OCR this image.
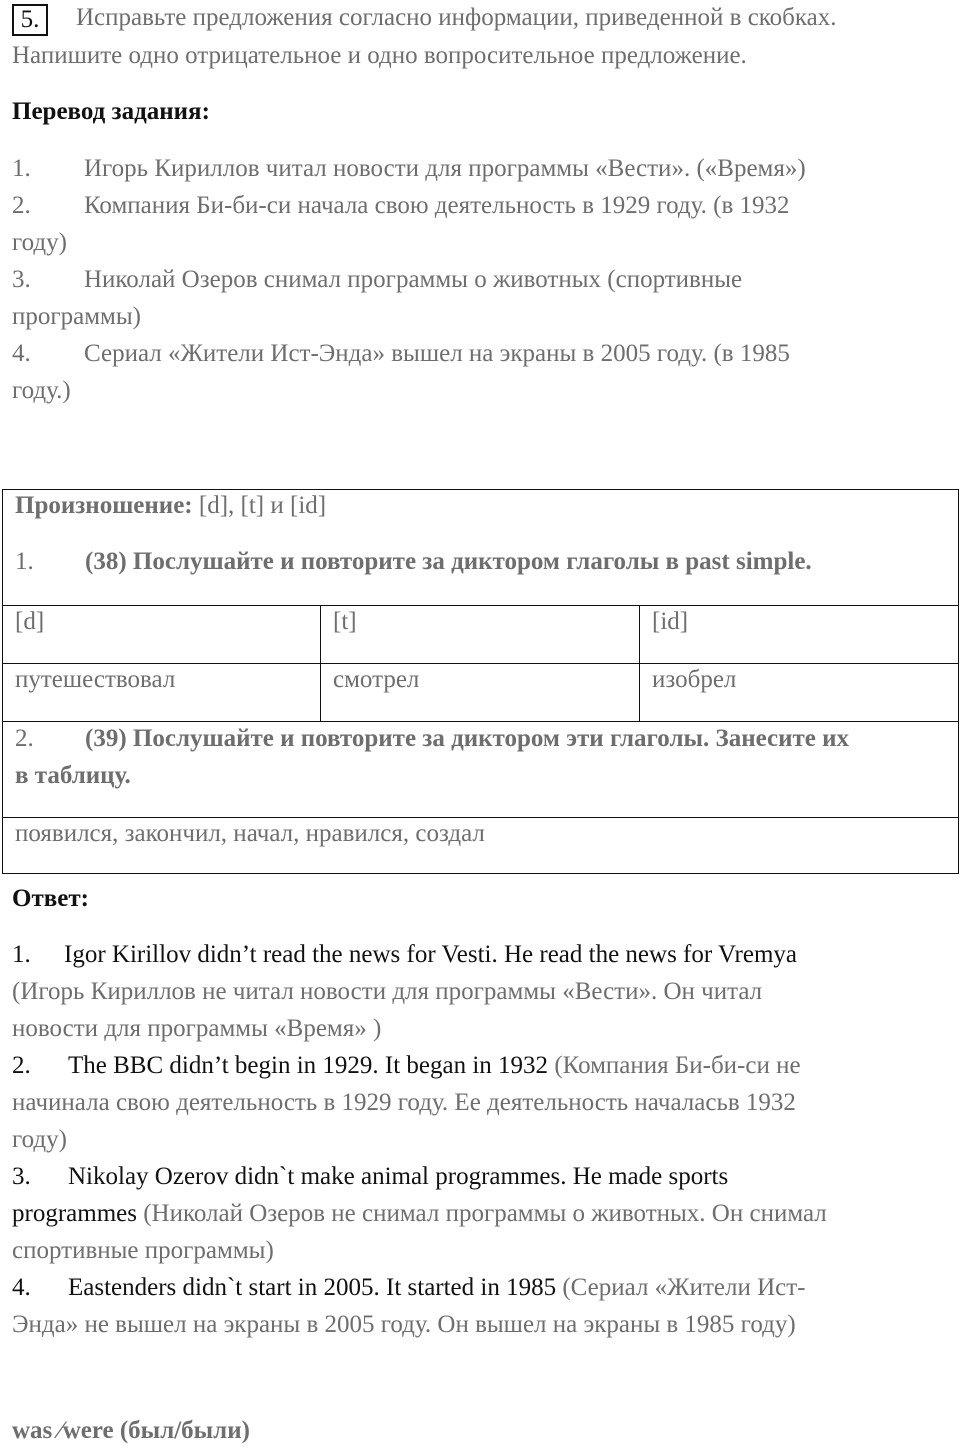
5.	Исправьте предложения согласно информации, приведенной в скобках.
Напишите одно отрицательное и одно вопросительное предложение.
Перевод задания:
1. Игорь Кириллов читал новости для программы «Вести». («Время»)
2. Компания Би-би-си начала свою деятельность в 1929 году. (в 1932
году)
3. Николай Озеров снимал программы о животных (спортивные
программы)
4. Сериал «Жители Ист-Энда» вышел на экраны в 2005 году. (в 1985
году.)
Произношение: [d], [t] и [id]
1. (38) Послушайте и повторите за диктором глаголы в past simple.		

[d]	[t]	[id]
путешествовал	смотрел	изобрел

2. (39) Послушайте и повторите за диктором эти глаголы. Занесите их
в таблицу.		

появился, закончил, начал, нравился, создал		
Ответ:
1. Igor Kirillov didn’t read the news for Vesti. He read the news for Vremya
(Игорь Кириллов не читал новости для программы «Вести». Он читал
новости для программы «Время» )
2. The BBC didn’t begin in 1929. It began in 1932 (Компания Би-би-си не
начинала свою деятельность в 1929 году. Ее деятельность началасьв 1932
году)
3. Nikolay Ozerov didn`t make animal programmes. He made sports
programmes (Николай Озеров не снимал программы о животных. Он снимал
спортивные программы)
4. Eastenders didn`t start in 2005. It started in 1985 (Сериал «Жители Ист-
Энда» не вышел на экраны в 2005 году. Он вышел на экраны в 1985 году)
was ⁄were (был/были)
